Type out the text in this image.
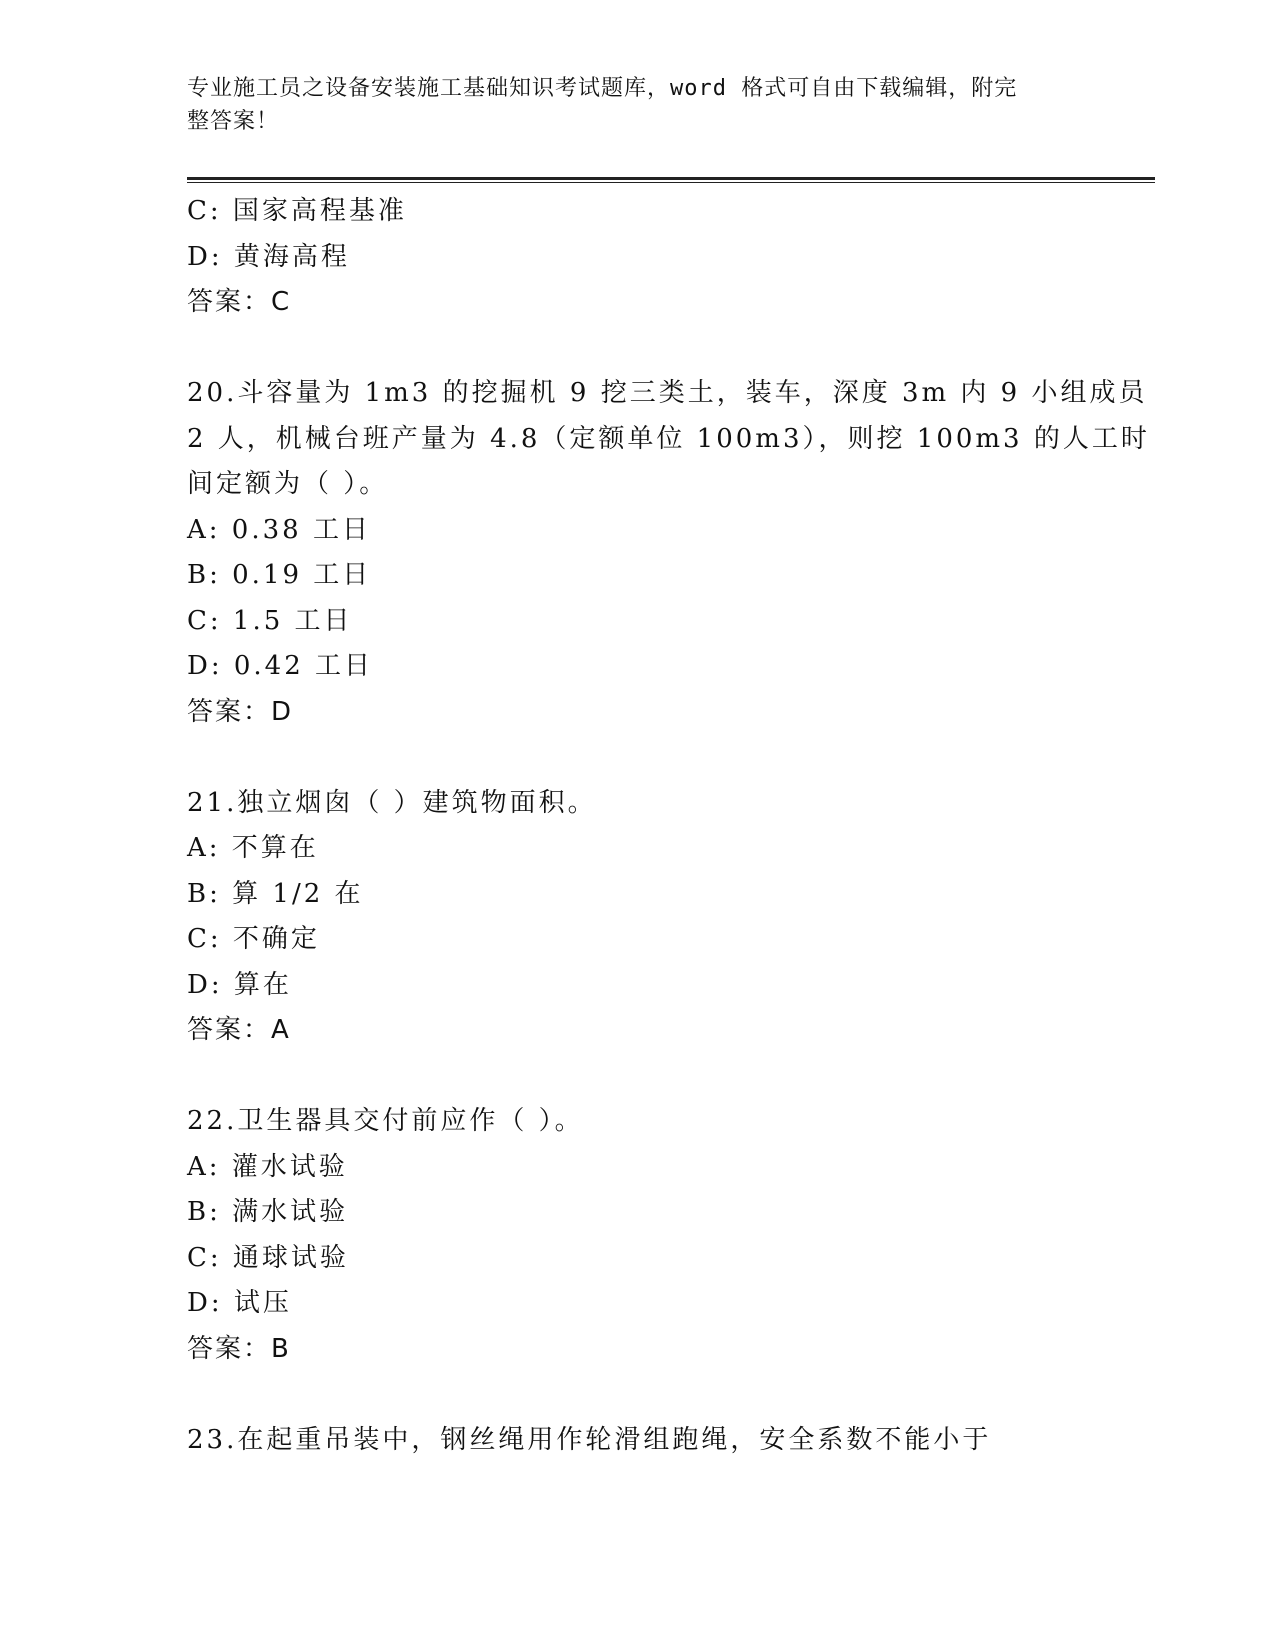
专业施工员之设备安装施工基础知识考试题库，word 格式可自由下载编辑，附完
整答案！
C: 国家高程基准
D: 黄海高程
答案：C
20.斗容量为 1m3 的挖掘机 9 挖三类土，装车，深度 3m 内 9 小组成员
2 人，机械台班产量为 4.8（定额单位 100m3），则挖 100m3 的人工时
间定额为（ ）。
A: 0.38 工日
B: 0.19 工日
C: 1.5 工日
D: 0.42 工日
答案：D
21.独立烟囱（ ）建筑物面积。
A: 不算在
B: 算 1/2 在
C: 不确定
D: 算在
答案：A
22.卫生器具交付前应作（ ）。
A: 灌水试验
B: 满水试验
C: 通球试验
D: 试压
答案：B
23.在起重吊装中，钢丝绳用作轮滑组跑绳，安全系数不能小于
